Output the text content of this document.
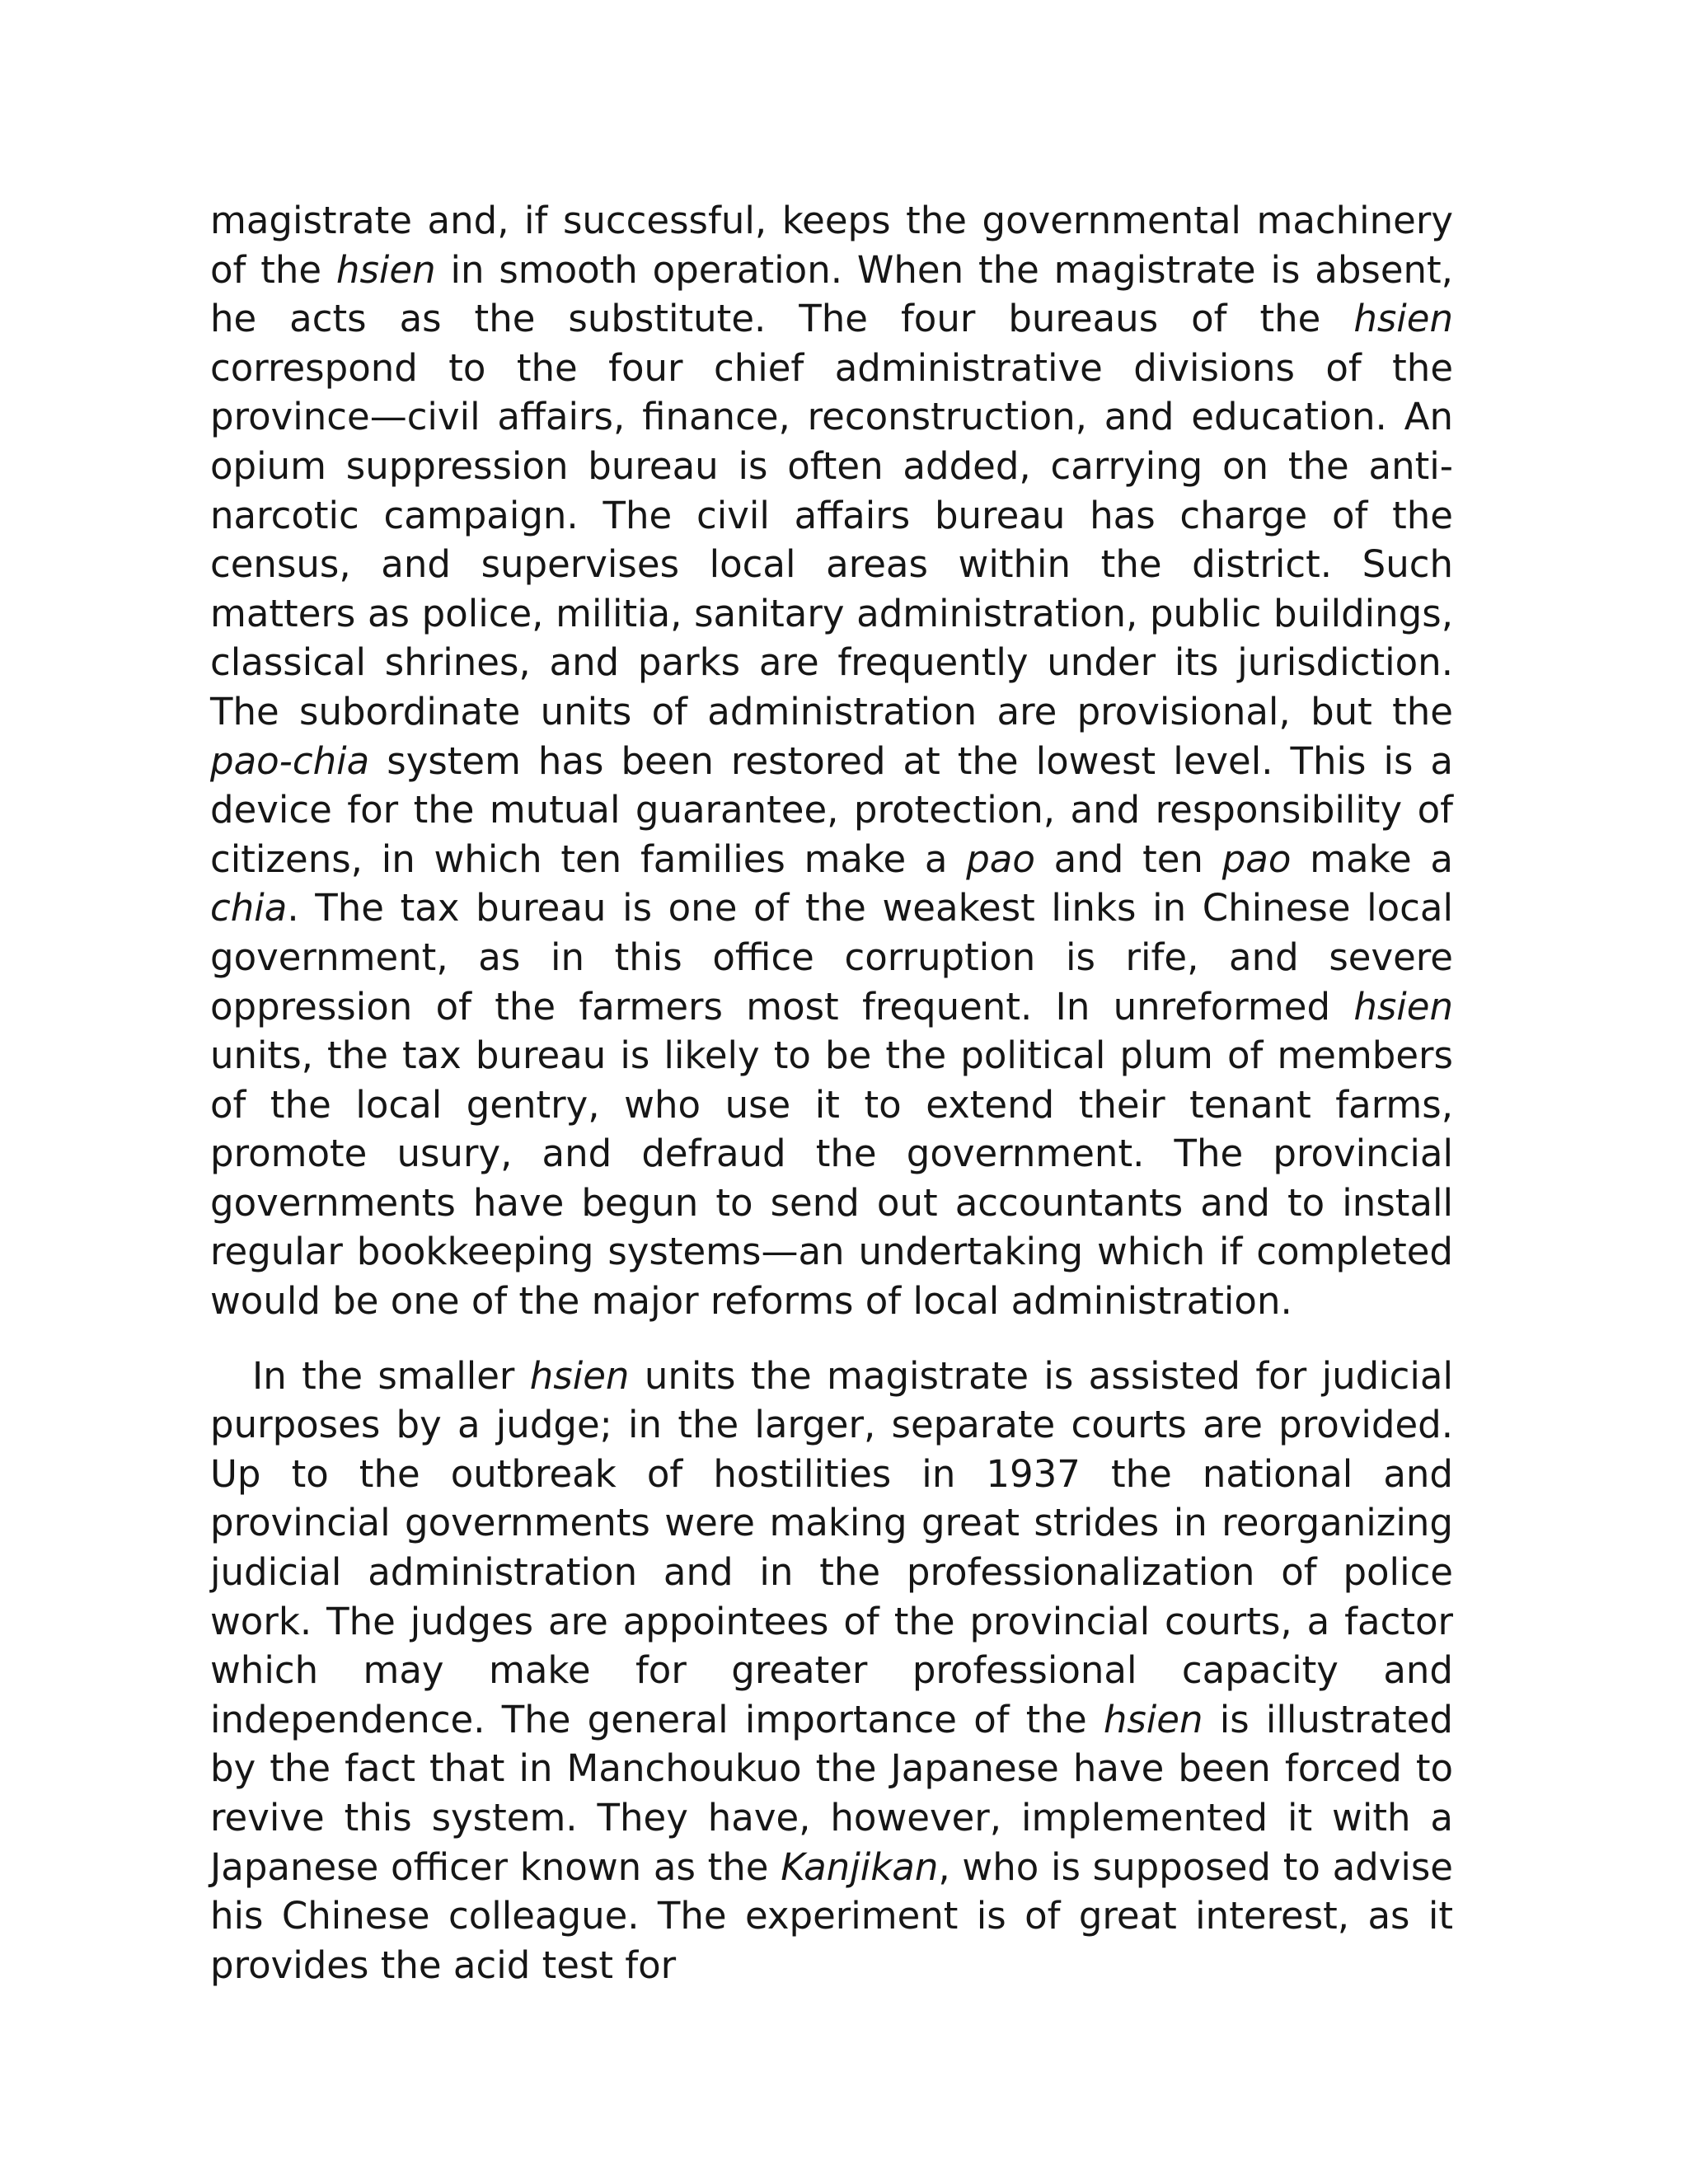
magistrate and, if successful, keeps the governmental machinery of the hsien in smooth operation. When the magistrate is absent, he acts as the substitute. The four bureaus of the hsien correspond to the four chief administrative divisions of the province—civil affairs, finance, reconstruction, and education. An opium suppression bureau is often added, carrying on the anti-narcotic campaign. The civil affairs bureau has charge of the census, and supervises local areas within the district. Such matters as police, militia, sanitary administration, public buildings, classical shrines, and parks are frequently under its jurisdiction. The subordinate units of administration are provisional, but the pao-chia system has been restored at the lowest level. This is a device for the mutual guarantee, protection, and responsibility of citizens, in which ten families make a pao and ten pao make a chia. The tax bureau is one of the weakest links in Chinese local government, as in this office corruption is rife, and severe oppression of the farmers most frequent. In unreformed hsien units, the tax bureau is likely to be the political plum of members of the local gentry, who use it to extend their tenant farms, promote usury, and defraud the government. The provincial governments have begun to send out accountants and to install regular bookkeeping systems—an undertaking which if completed would be one of the major reforms of local administration.

In the smaller hsien units the magistrate is assisted for judicial purposes by a judge; in the larger, separate courts are provided. Up to the outbreak of hostilities in 1937 the national and provincial governments were making great strides in reorganizing judicial administration and in the professionalization of police work. The judges are appointees of the provincial courts, a factor which may make for greater professional capacity and independence. The general importance of the hsien is illustrated by the fact that in Manchoukuo the Japanese have been forced to revive this system. They have, however, implemented it with a Japanese officer known as the Kanjikan, who is supposed to advise his Chinese colleague. The experiment is of great interest, as it provides the acid test for
